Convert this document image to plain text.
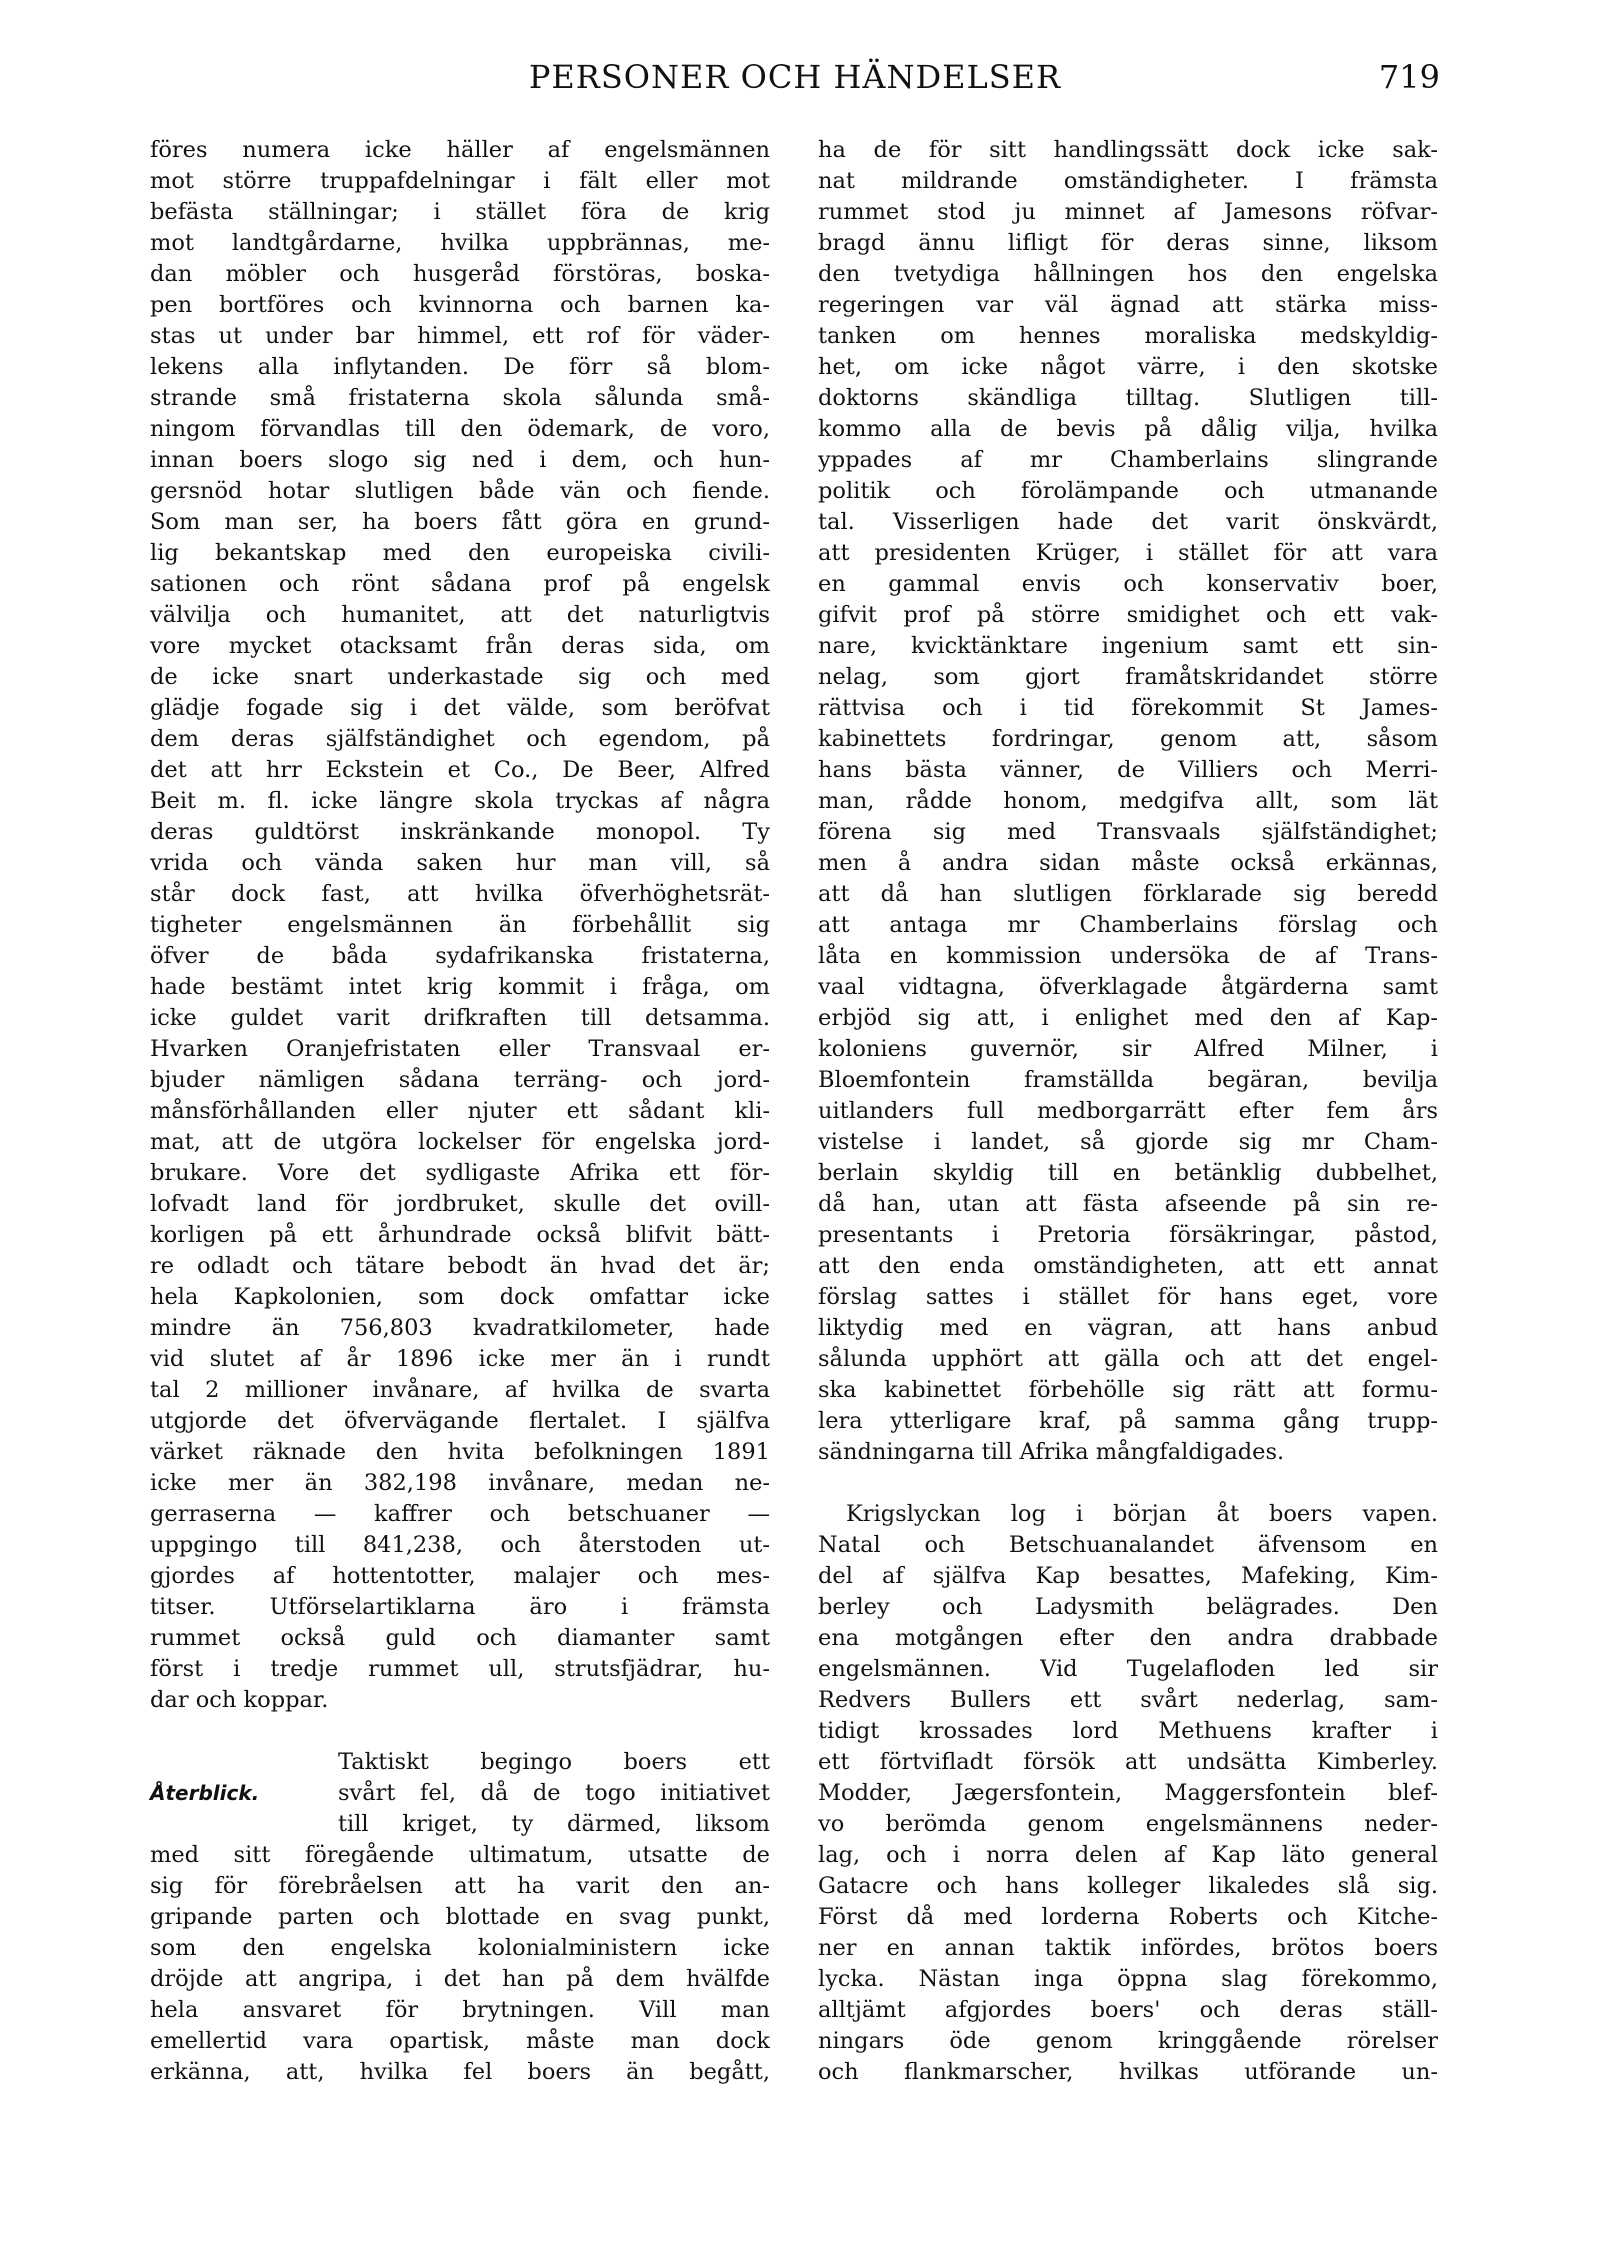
PERSONER OCH HÄNDELSER	719
föres numera icke häller af engelsmännen
mot större truppafdelningar i fält eller mot
befästa ställningar; i stället föra de krig
mot landtgårdarne, hvilka uppbrännas, me-
dan möbler och husgeråd förstöras, boska-
pen bortföres och kvinnorna och barnen ka-
stas ut under bar himmel, ett rof för väder-
lekens alla inflytanden. De förr så blom-
strande små fristaterna skola sålunda små-
ningom förvandlas till den ödemark, de voro,
innan boers slogo sig ned i dem, och hun-
gersnöd hotar slutligen både vän och fiende.
Som man ser, ha boers fått göra en grund-
lig bekantskap med den europeiska civili-
sationen och rönt sådana prof på engelsk
välvilja och humanitet, att det naturligtvis
vore mycket otacksamt från deras sida, om
de icke snart underkastade sig och med
glädje fogade sig i det välde, som beröfvat
dem deras själfständighet och egendom, på
det att hrr Eckstein et Co., De Beer, Alfred
Beit m. fl. icke längre skola tryckas af några
deras guldtörst inskränkande monopol. Ty
vrida och vända saken hur man vill, så
står dock fast, att hvilka öfverhöghetsrät-
tigheter engelsmännen än förbehållit sig
öfver de båda sydafrikanska fristaterna,
hade bestämt intet krig kommit i fråga, om
icke guldet varit drifkraften till detsamma.
Hvarken Oranjefristaten eller Transvaal er-
bjuder nämligen sådana terräng- och jord-
månsförhållanden eller njuter ett sådant kli-
mat, att de utgöra lockelser för engelska jord-
brukare. Vore det sydligaste Afrika ett för-
lofvadt land för jordbruket, skulle det ovill-
korligen på ett århundrade också blifvit bätt-
re odladt och tätare bebodt än hvad det är;
hela Kapkolonien, som dock omfattar icke
mindre än 756,803 kvadratkilometer, hade
vid slutet af år 1896 icke mer än i rundt
tal 2 millioner invånare, af hvilka de svarta
utgjorde det öfvervägande flertalet. I själfva
värket räknade den hvita befolkningen 1891
icke mer än 382,198 invånare, medan ne-
gerraserna — kaffrer och betschuaner —
uppgingo till 841,238, och återstoden ut-
gjordes af hottentotter, malajer och mes-
titser. Utförselartiklarna äro i främsta
rummet också guld och diamanter samt
först i tredje rummet ull, strutsfjädrar, hu-
dar och koppar.
Återblick.
Taktiskt begingo boers ett
svårt fel, då de togo initiativet
till kriget, ty därmed, liksom
med sitt föregående ultimatum, utsatte de
sig för förebråelsen att ha varit den an-
gripande parten och blottade en svag punkt,
som den engelska kolonialministern icke
dröjde att angripa, i det han på dem hvälfde
hela ansvaret för brytningen. Vill man
emellertid vara opartisk, måste man dock
erkänna, att, hvilka fel boers än begått,
ha de för sitt handlingssätt dock icke sak-
nat mildrande omständigheter. I främsta
rummet stod ju minnet af Jamesons röfvar-
bragd ännu lifligt för deras sinne, liksom
den tvetydiga hållningen hos den engelska
regeringen var väl ägnad att stärka miss-
tanken om hennes moraliska medskyldig-
het, om icke något värre, i den skotske
doktorns skändliga tilltag. Slutligen till-
kommo alla de bevis på dålig vilja, hvilka
yppades af mr Chamberlains slingrande
politik och förolämpande och utmanande
tal. Visserligen hade det varit önskvärdt,
att presidenten Krüger, i stället för att vara
en gammal envis och konservativ boer,
gifvit prof på större smidighet och ett vak-
nare, kvicktänktare ingenium samt ett sin-
nelag, som gjort framåtskridandet större
rättvisa och i tid förekommit St James-
kabinettets fordringar, genom att, såsom
hans bästa vänner, de Villiers och Merri-
man, rådde honom, medgifva allt, som lät
förena sig med Transvaals själfständighet;
men å andra sidan måste också erkännas,
att då han slutligen förklarade sig beredd
att antaga mr Chamberlains förslag och
låta en kommission undersöka de af Trans-
vaal vidtagna, öfverklagade åtgärderna samt
erbjöd sig att, i enlighet med den af Kap-
koloniens guvernör, sir Alfred Milner, i
Bloemfontein framställda begäran, bevilja
uitlanders full medborgarrätt efter fem års
vistelse i landet, så gjorde sig mr Cham-
berlain skyldig till en betänklig dubbelhet,
då han, utan att fästa afseende på sin re-
presentants i Pretoria försäkringar, påstod,
att den enda omständigheten, att ett annat
förslag sattes i stället för hans eget, vore
liktydig med en vägran, att hans anbud
sålunda upphört att gälla och att det engel-
ska kabinettet förbehölle sig rätt att formu-
lera ytterligare kraf, på samma gång trupp-
sändningarna till Afrika mångfaldigades.
Krigslyckan log i början åt boers vapen.
Natal och Betschuanalandet äfvensom en
del af själfva Kap besattes, Mafeking, Kim-
berley och Ladysmith belägrades. Den
ena motgången efter den andra drabbade
engelsmännen. Vid Tugelafloden led sir
Redvers Bullers ett svårt nederlag, sam-
tidigt krossades lord Methuens krafter i
ett förtvifladt försök att undsätta Kimberley.
Modder, Jægersfontein, Maggersfontein blef-
vo berömda genom engelsmännens neder-
lag, och i norra delen af Kap läto general
Gatacre och hans kolleger likaledes slå sig.
Först då med lorderna Roberts och Kitche-
ner en annan taktik infördes, brötos boers
lycka. Nästan inga öppna slag förekommo,
alltjämt afgjordes boers' och deras ställ-
ningars öde genom kringgående rörelser
och flankmarscher, hvilkas utförande un-
